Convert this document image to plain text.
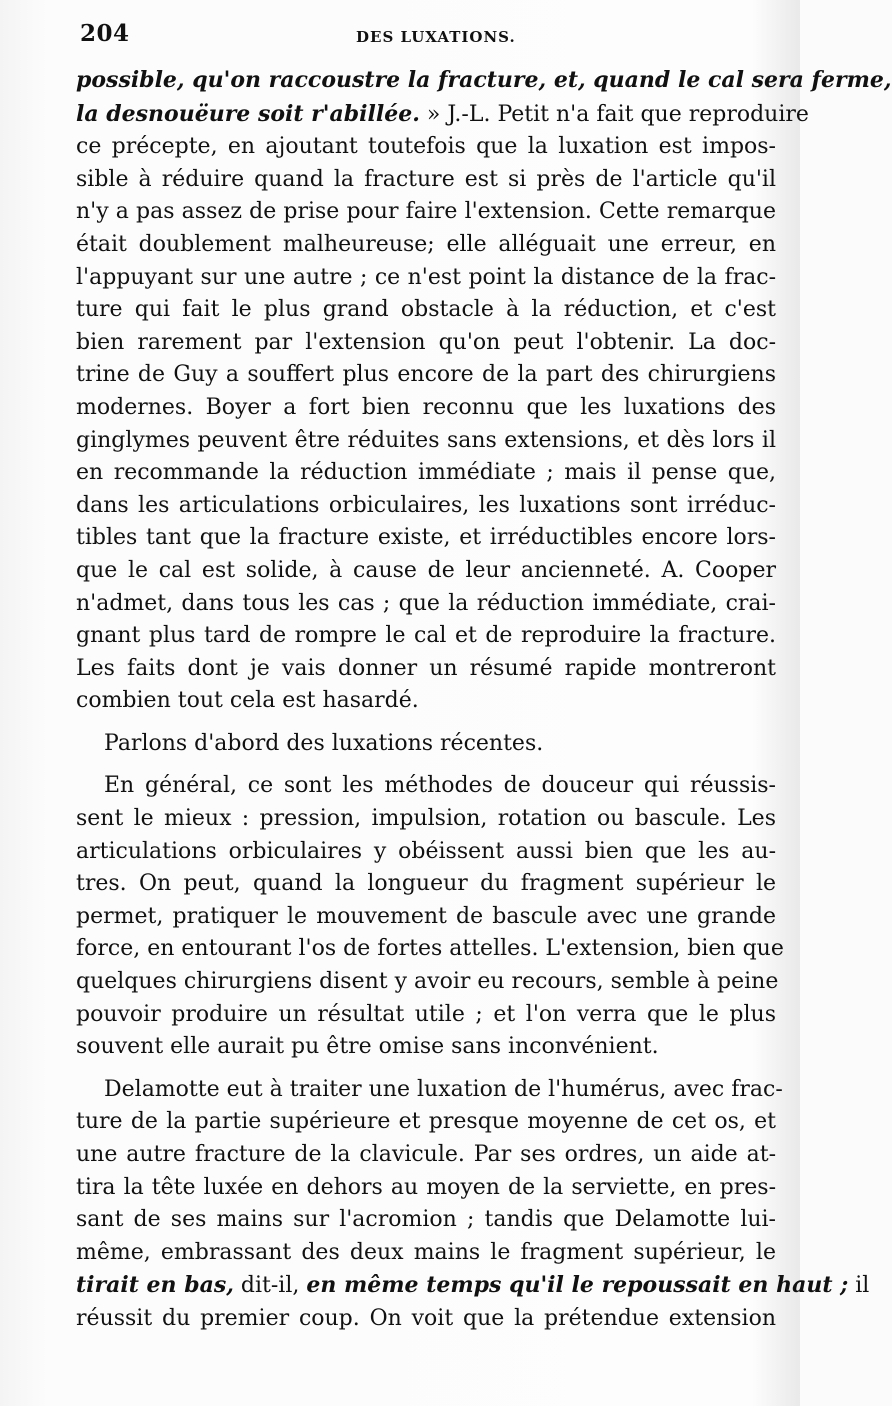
204	DES LUXATIONS.

possible, qu'on raccoustre la fracture, et, quand le cal sera ferme,
la desnouëure soit r'abillée. » J.-L. Petit n'a fait que reproduire
ce précepte, en ajoutant toutefois que la luxation est impos-
sible à réduire quand la fracture est si près de l'article qu'il
n'y a pas assez de prise pour faire l'extension. Cette remarque
était doublement malheureuse; elle alléguait une erreur, en
l'appuyant sur une autre ; ce n'est point la distance de la frac-
ture qui fait le plus grand obstacle à la réduction, et c'est
bien rarement par l'extension qu'on peut l'obtenir. La doc-
trine de Guy a souffert plus encore de la part des chirurgiens
modernes. Boyer a fort bien reconnu que les luxations des
ginglymes peuvent être réduites sans extensions, et dès lors il
en recommande la réduction immédiate ; mais il pense que,
dans les articulations orbiculaires, les luxations sont irréduc-
tibles tant que la fracture existe, et irréductibles encore lors-
que le cal est solide, à cause de leur ancienneté. A. Cooper
n'admet, dans tous les cas ; que la réduction immédiate, crai-
gnant plus tard de rompre le cal et de reproduire la fracture.
Les faits dont je vais donner un résumé rapide montreront
combien tout cela est hasardé.

Parlons d'abord des luxations récentes.

En général, ce sont les méthodes de douceur qui réussis-
sent le mieux : pression, impulsion, rotation ou bascule. Les
articulations orbiculaires y obéissent aussi bien que les au-
tres. On peut, quand la longueur du fragment supérieur le
permet, pratiquer le mouvement de bascule avec une grande
force, en entourant l'os de fortes attelles. L'extension, bien que
quelques chirurgiens disent y avoir eu recours, semble à peine
pouvoir produire un résultat utile ; et l'on verra que le plus
souvent elle aurait pu être omise sans inconvénient.

Delamotte eut à traiter une luxation de l'humérus, avec frac-
ture de la partie supérieure et presque moyenne de cet os, et
une autre fracture de la clavicule. Par ses ordres, un aide at-
tira la tête luxée en dehors au moyen de la serviette, en pres-
sant de ses mains sur l'acromion ; tandis que Delamotte lui-
même, embrassant des deux mains le fragment supérieur, le
tirait en bas, dit-il, en même temps qu'il le repoussait en haut ; il
réussit du premier coup. On voit que la prétendue extension
